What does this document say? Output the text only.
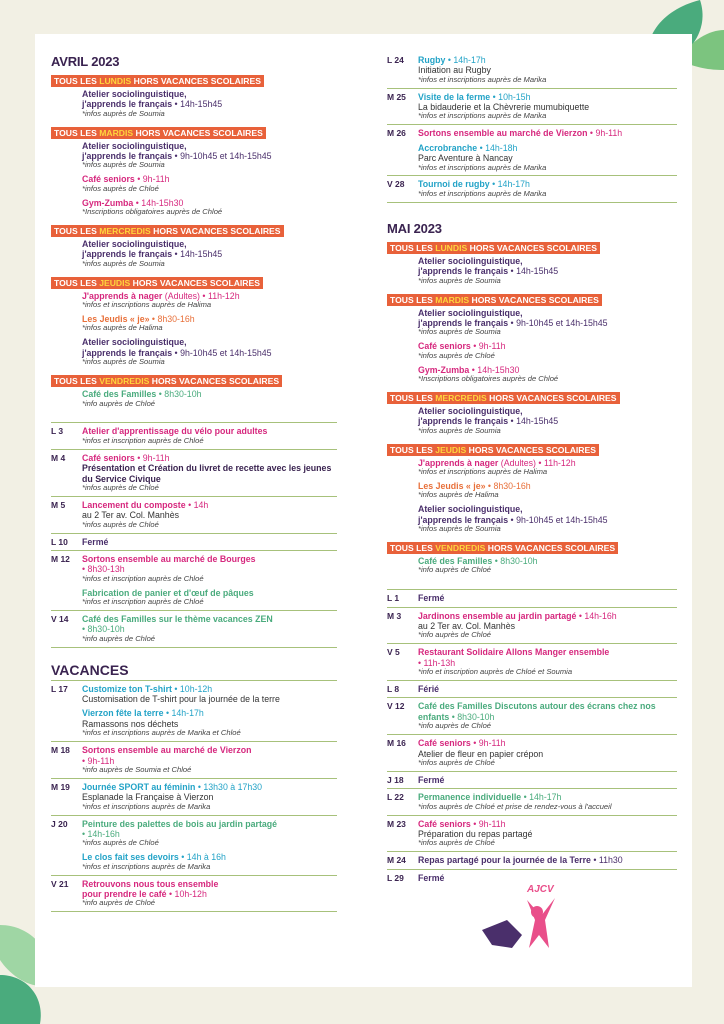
AVRIL 2023
TOUS LES LUNDIS HORS VACANCES SCOLAIRES
Atelier sociolinguistique,
j'apprends le français • 14h-15h45
*infos auprès de Soumia
TOUS LES MARDIS HORS VACANCES SCOLAIRES
Atelier sociolinguistique,
j'apprends le français • 9h-10h45 et 14h-15h45
*infos auprès de Soumia
Café seniors • 9h-11h
*infos auprès de Chloé
Gym-Zumba • 14h-15h30
*Inscriptions obligatoires auprès de Chloé
TOUS LES MERCREDIS HORS VACANCES SCOLAIRES
Atelier sociolinguistique,
j'apprends le français • 14h-15h45
*infos auprès de Soumia
TOUS LES JEUDIS HORS VACANCES SCOLAIRES
J'apprends à nager (Adultes) • 11h-12h
*infos et inscriptions auprès de Halima
Les Jeudis « je» • 8h30-16h
*infos auprès de Halima
Atelier sociolinguistique,
j'apprends le français • 9h-10h45 et 14h-15h45
*infos auprès de Soumia
TOUS LES VENDREDIS HORS VACANCES SCOLAIRES
Café des Familles • 8h30-10h
*info auprès de Chloé
L 3	Atelier d'apprentissage du vélo pour adultes
*infos et inscription auprès de Chloé
M 4	Café seniors • 9h-11h
Présentation et Création du livret de recette avec les jeunes du Service Civique
*infos auprès de Chloé
M 5	Lancement du composte • 14h
au 2 Ter av. Col. Manhès
*infos auprès de Chloé
L 10	Fermé
M 12	Sortons ensemble au marché de Bourges
• 8h30-13h
*infos et inscription auprès de Chloé
Fabrication de panier et d'œuf de pâques
*infos et inscription auprès de Chloé
V 14	Café des Familles sur le thème vacances ZEN
• 8h30-10h
*info auprès de Chloé
VACANCES
L 17	Customize ton T-shirt • 10h-12h
Customisation de T-shirt pour la journée de la terre
Vierzon fête la terre • 14h-17h
Ramassons nos déchets
*infos et inscriptions auprès de Marika et Chloé
M 18	Sortons ensemble au marché de Vierzon
• 9h-11h
*info auprès de Soumia et Chloé
M 19	Journée SPORT au féminin • 13h30 à 17h30
Esplanade la Française à Vierzon
*infos et inscriptions auprès de Marika
J 20	Peinture des palettes de bois au jardin partagé
• 14h-16h
*infos auprès de Chloé
Le clos fait ses devoirs • 14h à 16h
*infos et inscriptions auprès de Marika
V 21	Retrouvons nous tous ensemble
pour prendre le café • 10h-12h
*info auprès de Chloé
L 24	Rugby • 14h-17h
Initiation au Rugby
*infos et inscriptions auprès de Marika
M 25	Visite de la ferme • 10h-15h
La bidauderie et la Chèvrerie mumubiquette
*infos et inscriptions auprès de Marika
M 26	Sortons ensemble au marché de Vierzon • 9h-11h
Accrobranche • 14h-18h
Parc Aventure à Nancay
*infos et inscriptions auprès de Marika
V 28	Tournoi de rugby • 14h-17h
*infos et inscriptions auprès de Marika
MAI 2023
TOUS LES LUNDIS HORS VACANCES SCOLAIRES
Atelier sociolinguistique,
j'apprends le français • 14h-15h45
*infos auprès de Soumia
TOUS LES MARDIS HORS VACANCES SCOLAIRES
Atelier sociolinguistique,
j'apprends le français • 9h-10h45 et 14h-15h45
*infos auprès de Soumia
Café seniors • 9h-11h
*infos auprès de Chloé
Gym-Zumba • 14h-15h30
*Inscriptions obligatoires auprès de Chloé
TOUS LES MERCREDIS HORS VACANCES SCOLAIRES
Atelier sociolinguistique,
j'apprends le français • 14h-15h45
*infos auprès de Soumia
TOUS LES JEUDIS HORS VACANCES SCOLAIRES
J'apprends à nager (Adultes) • 11h-12h
*infos et inscriptions auprès de Halima
Les Jeudis « je» • 8h30-16h
*infos auprès de Halima
Atelier sociolinguistique,
j'apprends le français • 9h-10h45 et 14h-15h45
*infos auprès de Soumia
TOUS LES VENDREDIS HORS VACANCES SCOLAIRES
Café des Familles • 8h30-10h
*info auprès de Chloé
L 1	Fermé
M 3	Jardinons ensemble au jardin partagé • 14h-16h
au 2 Ter av. Col. Manhès
*info auprès de Chloé
V 5	Restaurant Solidaire Allons Manger ensemble
• 11h-13h
*info et inscription auprès de Chloé et Soumia
L 8	Férié
V 12	Café des Familles Discutons autour des écrans chez nos enfants • 8h30-10h
*info auprès de Chloé
M 16	Café seniors • 9h-11h
Atelier de fleur en papier crépon
*infos auprès de Chloé
J 18	Fermé
L 22	Permanence individuelle • 14h-17h
*infos auprès de Chloé et prise de rendez-vous à l'accueil
M 23	Café seniors • 9h-11h
Préparation du repas partagé
*infos auprès de Chloé
M 24	Repas partagé pour la journée de la Terre • 11h30
L 29	Fermé
AJCV
